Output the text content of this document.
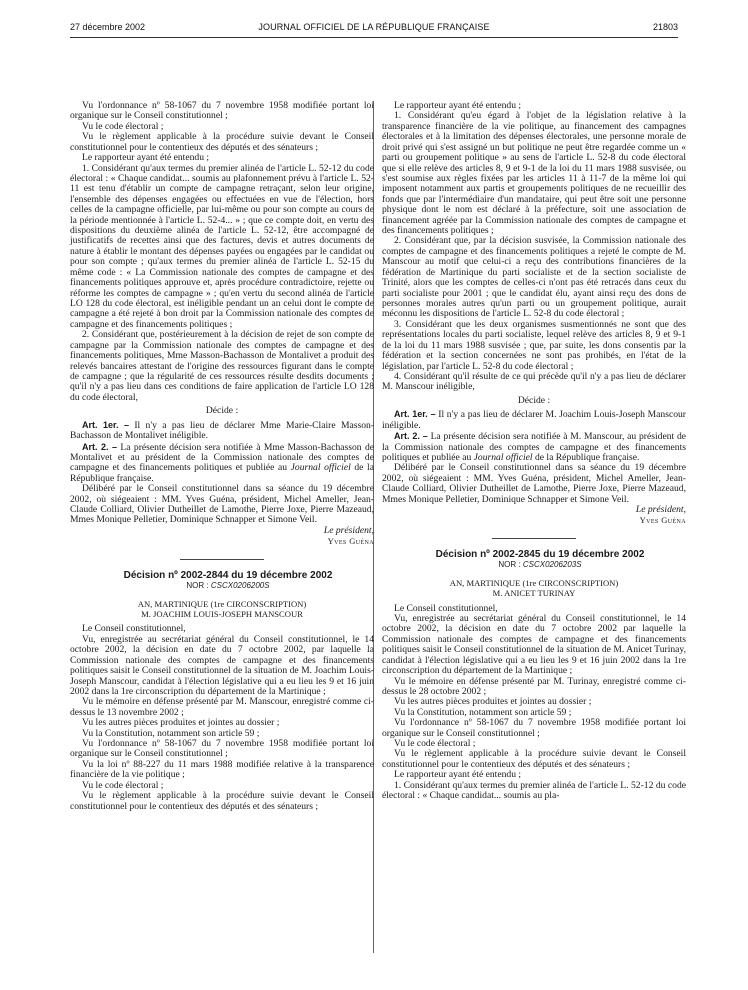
27 décembre 2002	JOURNAL OFFICIEL DE LA RÉPUBLIQUE FRANÇAISE	21803

Vu l'ordonnance nº 58-1067 du 7 novembre 1958 modifiée portant loi organique sur le Conseil constitutionnel ;

Vu le code électoral ;

Vu le règlement applicable à la procédure suivie devant le Conseil constitutionnel pour le contentieux des députés et des sénateurs ;

Le rapporteur ayant été entendu ;

1. Considérant qu'aux termes du premier alinéa de l'article L. 52-12 du code électoral : « Chaque candidat... soumis au plafonnement prévu à l'article L. 52-11 est tenu d'établir un compte de campagne retraçant, selon leur origine, l'ensemble des dépenses engagées ou effectuées en vue de l'élection, hors celles de la campagne officielle, par lui-même ou pour son compte au cours de la période mentionnée à l'article L. 52-4... » ; que ce compte doit, en vertu des dispositions du deuxième alinéa de l'article L. 52-12, être accompagné de justificatifs de recettes ainsi que des factures, devis et autres documents de nature à établir le montant des dépenses payées ou engagées par le candidat ou pour son compte ; qu'aux termes du premier alinéa de l'article L. 52-15 du même code : « La Commission nationale des comptes de campagne et des financements politiques approuve et, après procédure contradictoire, rejette ou réforme les comptes de campagne » ; qu'en vertu du second alinéa de l'article LO 128 du code électoral, est inéligible pendant un an celui dont le compte de campagne a été rejeté à bon droit par la Commission nationale des comptes de campagne et des financements politiques ;

2. Considérant que, postérieurement à la décision de rejet de son compte de campagne par la Commission nationale des comptes de campagne et des financements politiques, Mme Masson-Bachasson de Montalivet a produit des relevés bancaires attestant de l'origine des ressources figurant dans le compte de campagne ; que la régularité de ces ressources résulte desdits documents ; qu'il n'y a pas lieu dans ces conditions de faire application de l'article LO 128 du code électoral,

Décide :

Art. 1er. – Il n'y a pas lieu de déclarer Mme Marie-Claire Masson-Bachasson de Montalivet inéligible.

Art. 2. – La présente décision sera notifiée à Mme Masson-Bachasson de Montalivet et au président de la Commission nationale des comptes de campagne et des financements politiques et publiée au Journal officiel de la République française.

Délibéré par le Conseil constitutionnel dans sa séance du 19 décembre 2002, où siégeaient : MM. Yves Guéna, président, Michel Ameller, Jean-Claude Colliard, Olivier Dutheillet de Lamothe, Pierre Joxe, Pierre Mazeaud, Mmes Monique Pelletier, Dominique Schnapper et Simone Veil.

Le président,

Yves Guéna

Décision nº 2002-2844 du 19 décembre 2002

NOR : CSCX0206200S

AN, MARTINIQUE (1re CIRCONSCRIPTION)
M. JOACHIM LOUIS-JOSEPH MANSCOUR

Le Conseil constitutionnel,

Vu, enregistrée au secrétariat général du Conseil constitutionnel, le 14 octobre 2002, la décision en date du 7 octobre 2002, par laquelle la Commission nationale des comptes de campagne et des financements politiques saisit le Conseil constitutionnel de la situation de M. Joachim Louis-Joseph Manscour, candidat à l'élection législative qui a eu lieu les 9 et 16 juin 2002 dans la 1re circonscription du département de la Martinique ;

Vu le mémoire en défense présenté par M. Manscour, enregistré comme ci-dessus le 13 novembre 2002 ;

Vu les autres pièces produites et jointes au dossier ;

Vu la Constitution, notamment son article 59 ;

Vu l'ordonnance nº 58-1067 du 7 novembre 1958 modifiée portant loi organique sur le Conseil constitutionnel ;

Vu la loi nº 88-227 du 11 mars 1988 modifiée relative à la transparence financière de la vie politique ;

Vu le code électoral ;

Vu le règlement applicable à la procédure suivie devant le Conseil constitutionnel pour le contentieux des députés et des sénateurs ;

Le rapporteur ayant été entendu ;

1. Considérant qu'eu égard à l'objet de la législation relative à la transparence financière de la vie politique, au financement des campagnes électorales et à la limitation des dépenses électorales, une personne morale de droit privé qui s'est assigné un but politique ne peut être regardée comme un « parti ou groupement politique » au sens de l'article L. 52-8 du code électoral que si elle relève des articles 8, 9 et 9-1 de la loi du 11 mars 1988 susvisée, ou s'est soumise aux règles fixées par les articles 11 à 11-7 de la même loi qui imposent notamment aux partis et groupements politiques de ne recueillir des fonds que par l'intermédiaire d'un mandataire, qui peut être soit une personne physique dont le nom est déclaré à la préfecture, soit une association de financement agréée par la Commission nationale des comptes de campagne et des financements politiques ;

2. Considérant que, par la décision susvisée, la Commission nationale des comptes de campagne et des financements politiques a rejeté le compte de M. Manscour au motif que celui-ci a reçu des contributions financières de la fédération de Martinique du parti socialiste et de la section socialiste de Trinité, alors que les comptes de celles-ci n'ont pas été retracés dans ceux du parti socialiste pour 2001 ; que le candidat élu, ayant ainsi reçu des dons de personnes morales autres qu'un parti ou un groupement politique, aurait méconnu les dispositions de l'article L. 52-8 du code électoral ;

3. Considérant que les deux organismes susmentionnés ne sont que des représentations locales du parti socialiste, lequel relève des articles 8, 9 et 9-1 de la loi du 11 mars 1988 susvisée ; que, par suite, les dons consentis par la fédération et la section concernées ne sont pas prohibés, en l'état de la législation, par l'article L. 52-8 du code électoral ;

4. Considérant qu'il résulte de ce qui précède qu'il n'y a pas lieu de déclarer M. Manscour inéligible,

Décide :

Art. 1er. – Il n'y a pas lieu de déclarer M. Joachim Louis-Joseph Manscour inéligible.

Art. 2. – La présente décision sera notifiée à M. Manscour, au président de la Commission nationale des comptes de campagne et des financements politiques et publiée au Journal officiel de la République française.

Délibéré par le Conseil constitutionnel dans sa séance du 19 décembre 2002, où siégeaient : MM. Yves Guéna, président, Michel Ameller, Jean-Claude Colliard, Olivier Dutheillet de Lamothe, Pierre Joxe, Pierre Mazeaud, Mmes Monique Pelletier, Dominique Schnapper et Simone Veil.

Le président,

Yves Guéna

Décision nº 2002-2845 du 19 décembre 2002

NOR : CSCX0206203S

AN, MARTINIQUE (1re CIRCONSCRIPTION)
M. ANICET TURINAY

Le Conseil constitutionnel,

Vu, enregistrée au secrétariat général du Conseil constitutionnel, le 14 octobre 2002, la décision en date du 7 octobre 2002 par laquelle la Commission nationale des comptes de campagne et des financements politiques saisit le Conseil constitutionnel de la situation de M. Anicet Turinay, candidat à l'élection législative qui a eu lieu les 9 et 16 juin 2002 dans la 1re circonscription du département de la Martinique ;

Vu le mémoire en défense présenté par M. Turinay, enregistré comme ci-dessus le 28 octobre 2002 ;

Vu les autres pièces produites et jointes au dossier ;

Vu la Constitution, notamment son article 59 ;

Vu l'ordonnance nº 58-1067 du 7 novembre 1958 modifiée portant loi organique sur le Conseil constitutionnel ;

Vu le code électoral ;

Vu le règlement applicable à la procédure suivie devant le Conseil constitutionnel pour le contentieux des députés et des sénateurs ;

Le rapporteur ayant été entendu ;

1. Considérant qu'aux termes du premier alinéa de l'article L. 52-12 du code électoral : « Chaque candidat... soumis au pla-
